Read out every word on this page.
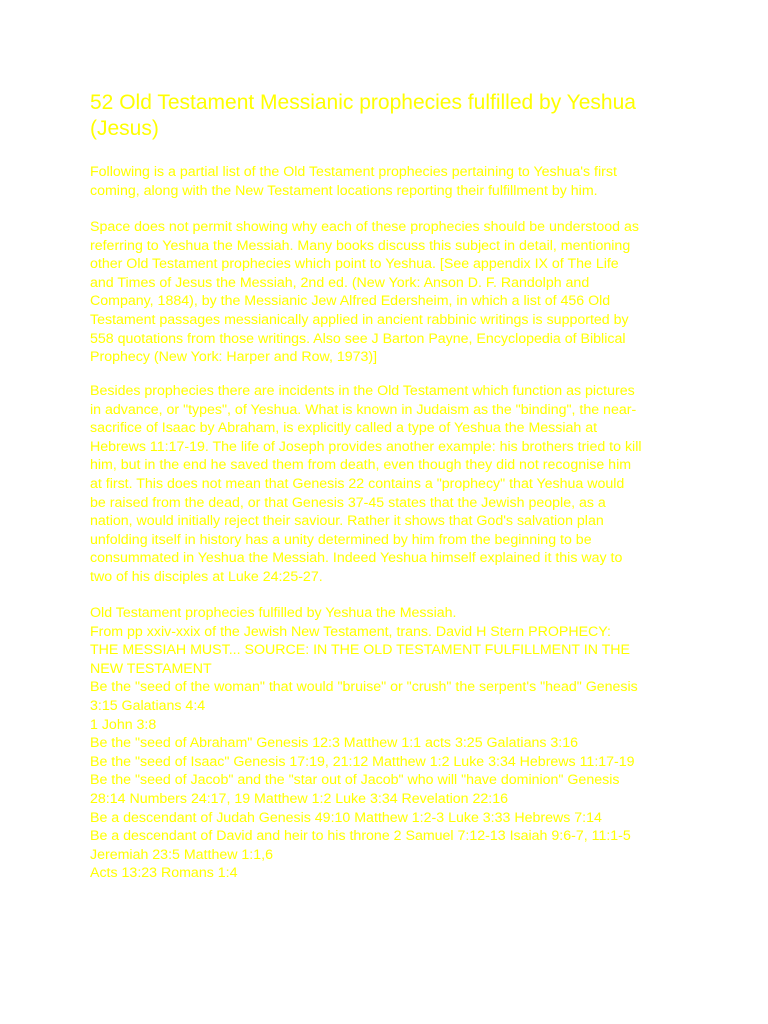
52 Old Testament Messianic prophecies fulfilled by Yeshua (Jesus)

Following is a partial list of the Old Testament prophecies pertaining to Yeshua's first
coming, along with the New Testament locations reporting their fulfillment by him.

Space does not permit showing why each of these prophecies should be understood as
referring to Yeshua the Messiah. Many books discuss this subject in detail, mentioning
other Old Testament prophecies which point to Yeshua. [See appendix IX of The Life
and Times of Jesus the Messiah, 2nd ed. (New York: Anson D. F. Randolph and
Company, 1884), by the Messianic Jew Alfred Edersheim, in which a list of 456 Old
Testament passages messianically applied in ancient rabbinic writings is supported by
558 quotations from those writings. Also see J Barton Payne, Encyclopedia of Biblical
Prophecy (New York: Harper and Row, 1973)]

Besides prophecies there are incidents in the Old Testament which function as pictures
in advance, or "types", of Yeshua. What is known in Judaism as the "binding", the near-
sacrifice of Isaac by Abraham, is explicitly called a type of Yeshua the Messiah at
Hebrews 11:17-19. The life of Joseph provides another example: his brothers tried to kill
him, but in the end he saved them from death, even though they did not recognise him
at first. This does not mean that Genesis 22 contains a "prophecy" that Yeshua would
be raised from the dead, or that Genesis 37-45 states that the Jewish people, as a
nation, would initially reject their saviour. Rather it shows that God's salvation plan
unfolding itself in history has a unity determined by him from the beginning to be
consummated in Yeshua the Messiah. Indeed Yeshua himself explained it this way to
two of his disciples at Luke 24:25-27.

Old Testament prophecies fulfilled by Yeshua the Messiah.
From pp xxiv-xxix of the Jewish New Testament, trans. David H Stern PROPHECY:
THE MESSIAH MUST... SOURCE: IN THE OLD TESTAMENT FULFILLMENT IN THE
NEW TESTAMENT
Be the "seed of the woman" that would "bruise" or "crush" the serpent's "head" Genesis
3:15 Galatians 4:4
1 John 3:8
Be the "seed of Abraham" Genesis 12:3 Matthew 1:1 acts 3:25 Galatians 3:16
Be the "seed of Isaac" Genesis 17:19, 21:12 Matthew 1:2 Luke 3:34 Hebrews 11:17-19
Be the "seed of Jacob" and the "star out of Jacob" who will "have dominion" Genesis
28:14 Numbers 24:17, 19 Matthew 1:2 Luke 3:34 Revelation 22:16
Be a descendant of Judah Genesis 49:10 Matthew 1:2-3 Luke 3:33 Hebrews 7:14
Be a descendant of David and heir to his throne 2 Samuel 7:12-13 Isaiah 9:6-7, 11:1-5
Jeremiah 23:5 Matthew 1:1,6
Acts 13:23 Romans 1:4
